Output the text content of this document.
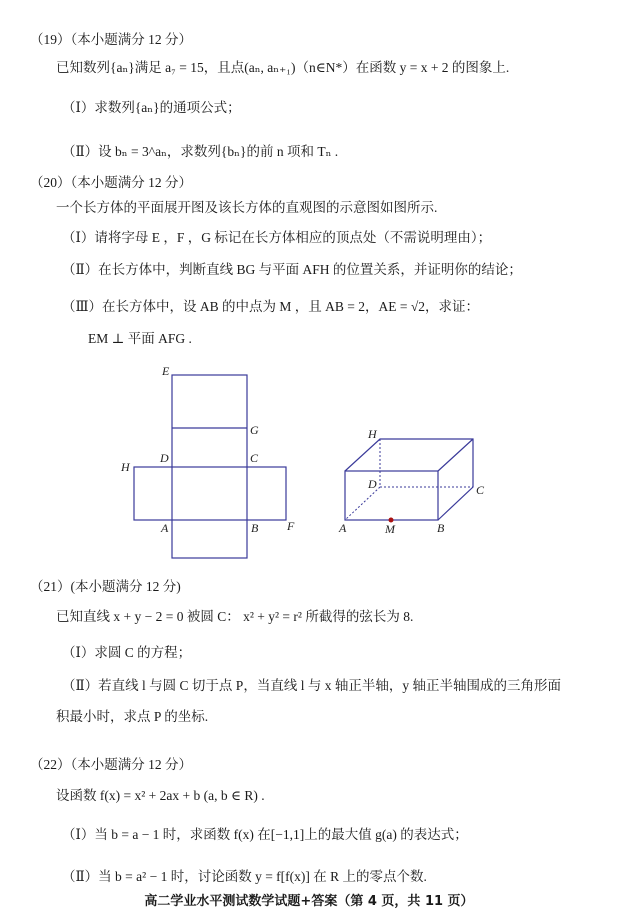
（19）（本小题满分 12 分）
已知数列{aₙ}满足 a₇ = 15，且点(aₙ, aₙ₊₁)（n∈N*）在函数 y = x + 2 的图象上.
（Ⅰ）求数列{aₙ}的通项公式；
（Ⅱ）设 bₙ = 3^aₙ，求数列{bₙ}的前 n 项和 Tₙ .
（20）（本小题满分 12 分）
一个长方体的平面展开图及该长方体的直观图的示意图如图所示.
（Ⅰ）请将字母 E ，F ，G 标记在长方体相应的顶点处（不需说明理由）；
（Ⅱ）在长方体中，判断直线 BG 与平面 AFH 的位置关系，并证明你的结论；
（Ⅲ）在长方体中，设 AB 的中点为 M ，且 AB = 2，AE = √2，求证：
EM ⊥ 平面 AFG .
E
G
D	C
H
A	B F
H
D	C
A	M	B
（21）(本小题满分 12 分)
已知直线 x + y − 2 = 0 被圆 C： x² + y² = r² 所截得的弦长为 8.
（Ⅰ）求圆 C 的方程；
（Ⅱ）若直线 l 与圆 C 切于点 P，当直线 l 与 x 轴正半轴，y 轴正半轴围成的三角形面
积最小时，求点 P 的坐标.
（22）（本小题满分 12 分）
设函数 f(x) = x² + 2ax + b (a, b ∈ R) .
（Ⅰ）当 b = a − 1 时，求函数 f(x) 在[−1,1]上的最大值 g(a) 的表达式；
（Ⅱ）当 b = a² − 1 时，讨论函数 y = f[f(x)] 在 R 上的零点个数.
高二学业水平测试数学试题+答案（第 4 页，共 11 页）
